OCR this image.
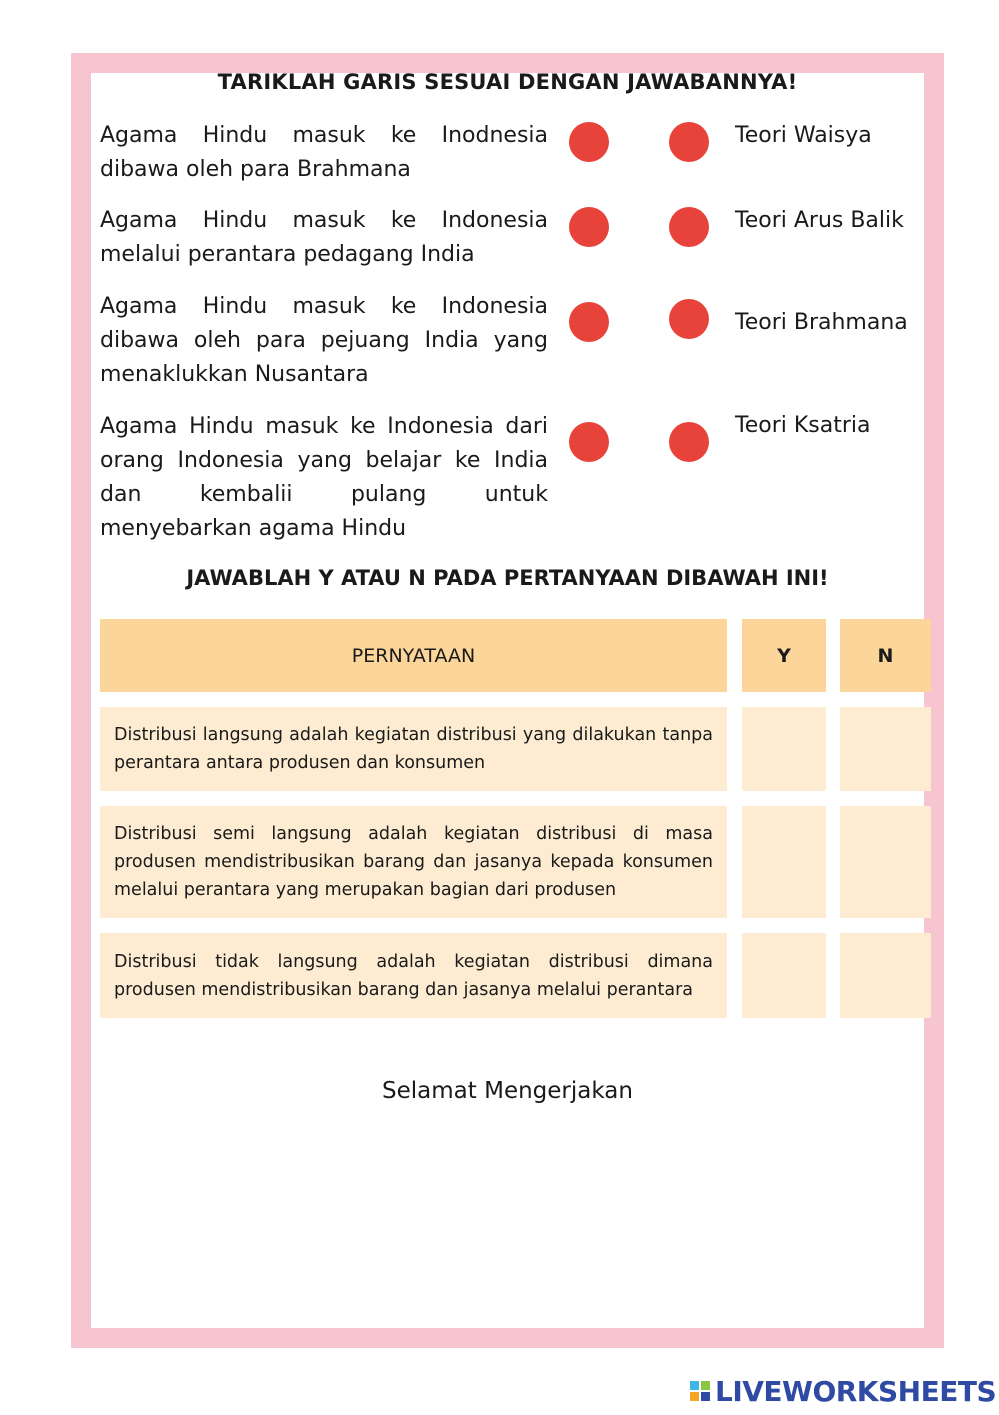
TARIKLAH GARIS SESUAI DENGAN JAWABANNYA!
Agama Hindu masuk ke Inodnesia dibawa oleh para Brahmana
Agama Hindu masuk ke Indonesia melalui perantara pedagang India
Agama Hindu masuk ke Indonesia dibawa oleh para pejuang India yang menaklukkan Nusantara
Agama Hindu masuk ke Indonesia dari orang Indonesia yang belajar ke India dan kembalii pulang untuk menyebarkan agama Hindu
Teori Waisya
Teori Arus Balik
Teori Brahmana
Teori Ksatria
JAWABLAH Y ATAU N PADA PERTANYAAN DIBAWAH INI!
PERNYATAAN	Y	N
Distribusi langsung adalah kegiatan distribusi yang dilakukan tanpa perantara antara produsen dan konsumen
Distribusi semi langsung adalah kegiatan distribusi di masa produsen mendistribusikan barang dan jasanya kepada konsumen melalui perantara yang merupakan bagian dari produsen
Distribusi tidak langsung adalah kegiatan distribusi dimana produsen mendistribusikan barang dan jasanya melalui perantara
Selamat Mengerjakan
LIVEWORKSHEETS
